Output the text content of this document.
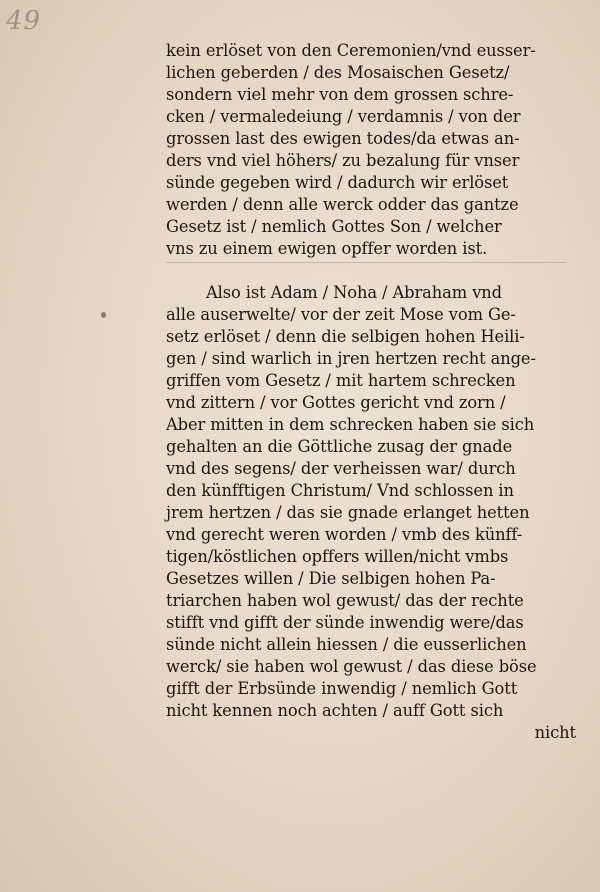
49
kein erlöset von den Ceremonien/vnd eusser-
lichen geberden / des Mosaischen Gesetz/
sondern viel mehr von dem grossen schre-
cken / vermaledeiung / verdamnis / von der
grossen last des ewigen todes/da etwas an-
ders vnd viel höhers/ zu bezalung für vnser
sünde gegeben wird / dadurch wir erlöset
werden / denn alle werck odder das gantze
Gesetz ist / nemlich Gottes Son / welcher
vns zu einem ewigen opffer worden ist.
Also ist Adam / Noha / Abraham vnd
alle auserwelte/ vor der zeit Mose vom Ge-
setz erlöset / denn die selbigen hohen Heili-
gen / sind warlich in jren hertzen recht ange-
griffen vom Gesetz / mit hartem schrecken
vnd zittern / vor Gottes gericht vnd zorn /
Aber mitten in dem schrecken haben sie sich
gehalten an die Göttliche zusag der gnade
vnd des segens/ der verheissen war/ durch
den künfftigen Christum/ Vnd schlossen in
jrem hertzen / das sie gnade erlanget hetten
vnd gerecht weren worden / vmb des künff-
tigen/köstlichen opffers willen/nicht vmbs
Gesetzes willen / Die selbigen hohen Pa-
triarchen haben wol gewust/ das der rechte
stifft vnd gifft der sünde inwendig were/das
sünde nicht allein hiessen / die eusserlichen
werck/ sie haben wol gewust / das diese böse
gifft der Erbsünde inwendig / nemlich Gott
nicht kennen noch achten / auff Gott sich
nicht
